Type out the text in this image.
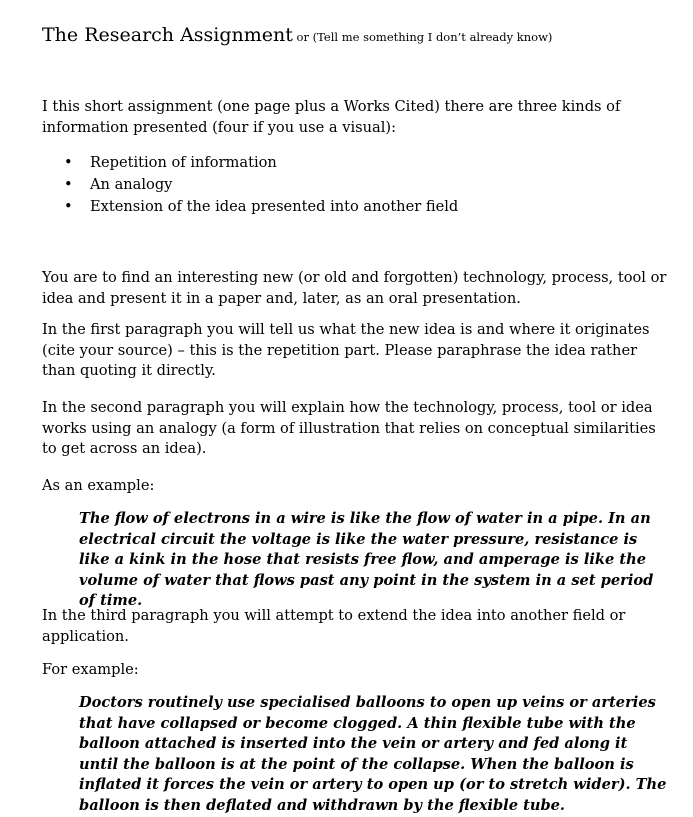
The Research Assignment or (Tell me something I don’t already know)

I this short assignment (one page plus a Works Cited) there are three kinds of information presented (four if you use a visual):

• Repetition of information
• An analogy
• Extension of the idea presented into another field

You are to find an interesting new (or old and forgotten) technology, process, tool or idea and present it in a paper and, later, as an oral presentation.

In the first paragraph you will tell us what the new idea is and where it originates (cite your source) – this is the repetition part. Please paraphrase the idea rather than quoting it directly.

In the second paragraph you will explain how the technology, process, tool or idea works using an analogy (a form of illustration that relies on conceptual similarities to get across an idea).

As an example:

The flow of electrons in a wire is like the flow of water in a pipe. In an electrical circuit the voltage is like the water pressure, resistance is like a kink in the hose that resists free flow, and amperage is like the volume of water that flows past any point in the system in a set period of time.

In the third paragraph you will attempt to extend the idea into another field or application.

For example:

Doctors routinely use specialised balloons to open up veins or arteries that have collapsed or become clogged. A thin flexible tube with the balloon attached is inserted into the vein or artery and fed along it until the balloon is at the point of the collapse. When the balloon is inflated it forces the vein or artery to open up (or to stretch wider). The balloon is then deflated and withdrawn by the flexible tube.
